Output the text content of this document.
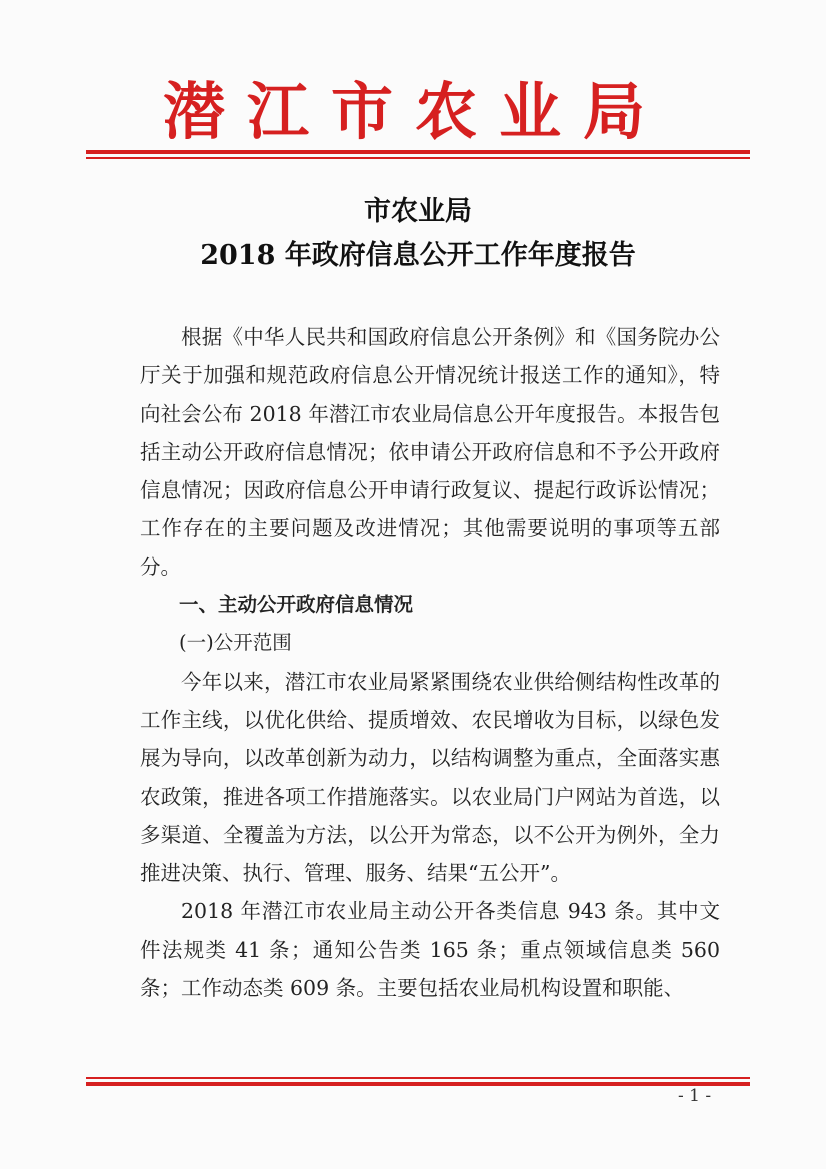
潜江市农业局
市农业局
2018 年政府信息公开工作年度报告

根据《中华人民共和国政府信息公开条例》和《国务院办公厅关于加强和规范政府信息公开情况统计报送工作的通知》，特向社会公布 2018 年潜江市农业局信息公开年度报告。本报告包括主动公开政府信息情况；依申请公开政府信息和不予公开政府信息情况；因政府信息公开申请行政复议、提起行政诉讼情况；工作存在的主要问题及改进情况；其他需要说明的事项等五部分。

一、主动公开政府信息情况

(一)公开范围

今年以来，潜江市农业局紧紧围绕农业供给侧结构性改革的工作主线，以优化供给、提质增效、农民增收为目标，以绿色发展为导向，以改革创新为动力，以结构调整为重点，全面落实惠农政策，推进各项工作措施落实。以农业局门户网站为首选，以多渠道、全覆盖为方法，以公开为常态，以不公开为例外，全力推进决策、执行、管理、服务、结果“五公开”。

2018 年潜江市农业局主动公开各类信息 943 条。其中文件法规类 41 条；通知公告类 165 条；重点领域信息类 560 条；工作动态类 609 条。主要包括农业局机构设置和职能、

- 1 -
